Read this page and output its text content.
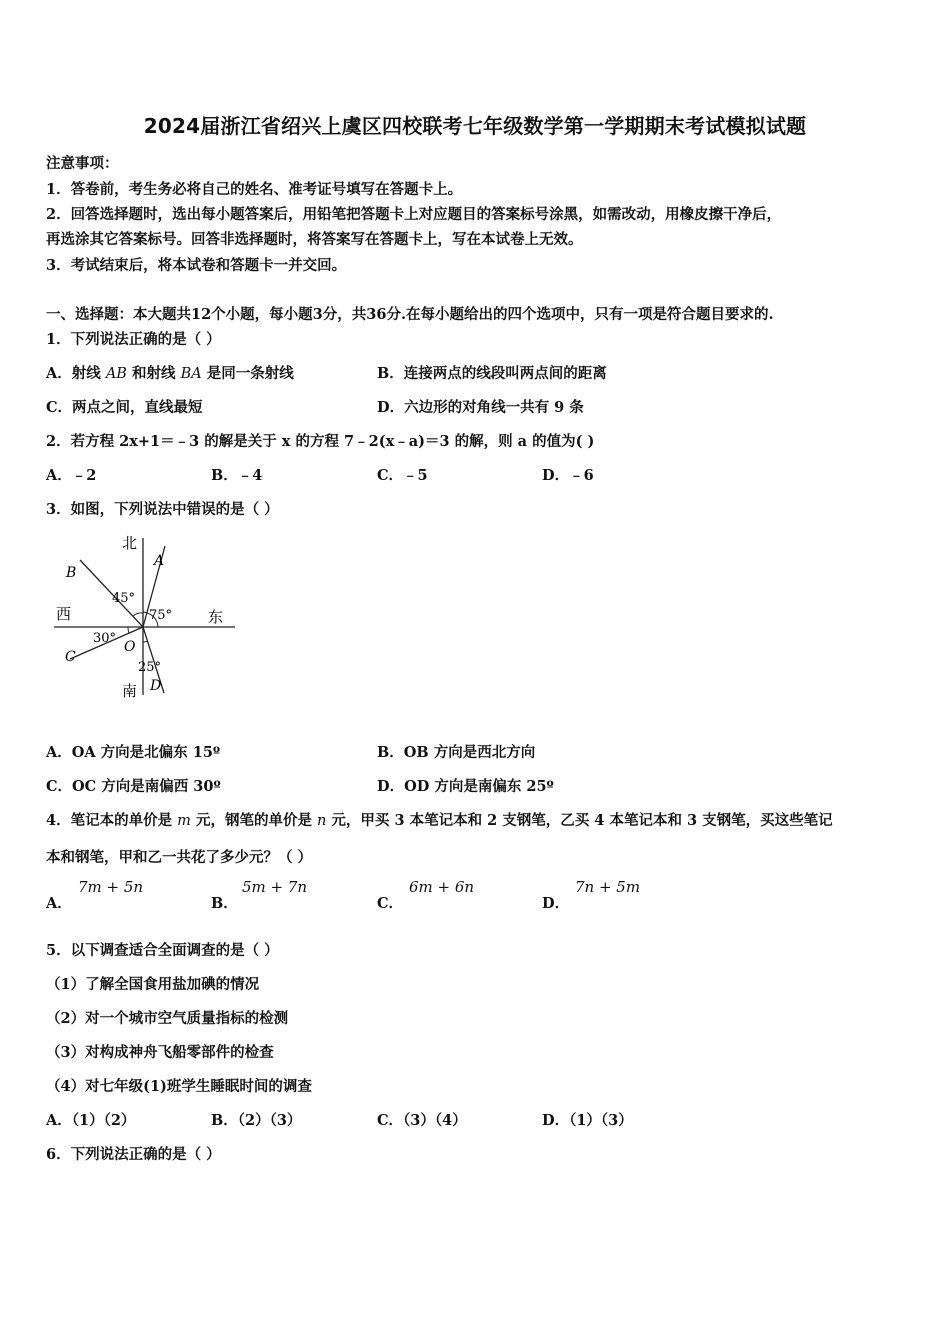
2024届浙江省绍兴上虞区四校联考七年级数学第一学期期末考试模拟试题
注意事项：
1．答卷前，考生务必将自己的姓名、准考证号填写在答题卡上。
2．回答选择题时，选出每小题答案后，用铅笔把答题卡上对应题目的答案标号涂黑，如需改动，用橡皮擦干净后，
再选涂其它答案标号。回答非选择题时，将答案写在答题卡上，写在本试卷上无效。
3．考试结束后，将本试卷和答题卡一并交回。
一、选择题：本大题共12个小题，每小题3分，共36分.在每小题给出的四个选项中，只有一项是符合题目要求的.
1．下列说法正确的是（ ）
A．射线 AB 和射线 BA 是同一条射线	B．连接两点的线段叫两点间的距离
C．两点之间，直线最短	D．六边形的对角线一共有 9 条
2．若方程 2x+1＝﹣3 的解是关于 x 的方程 7﹣2(x﹣a)＝3 的解，则 a 的值为( )
A．﹣2	B．﹣4	C．﹣5	D．﹣6
3．如图，下列说法中错误的是（ ）
北
南
西	东
B
A
C
D
O
45°
75°
30°
25°
A．OA 方向是北偏东 15º	B．OB 方向是西北方向
C．OC 方向是南偏西 30º	D．OD 方向是南偏东 25º
4．笔记本的单价是 m 元，钢笔的单价是 n 元，甲买 3 本笔记本和 2 支钢笔，乙买 4 本笔记本和 3 支钢笔，买这些笔记
本和钢笔，甲和乙一共花了多少元？（ ）
A．
7m + 5n
B．
5m + 7n
C．
6m + 6n
D．
7n + 5m
5．以下调查适合全面调查的是（ ）
（1）了解全国食用盐加碘的情况
（2）对一个城市空气质量指标的检测
（3）对构成神舟飞船零部件的检查
（4）对七年级(1)班学生睡眠时间的调查
A．（1）（2）	B．（2）（3）	C．（3）（4）	D．（1）（3）
6．下列说法正确的是（ ）
